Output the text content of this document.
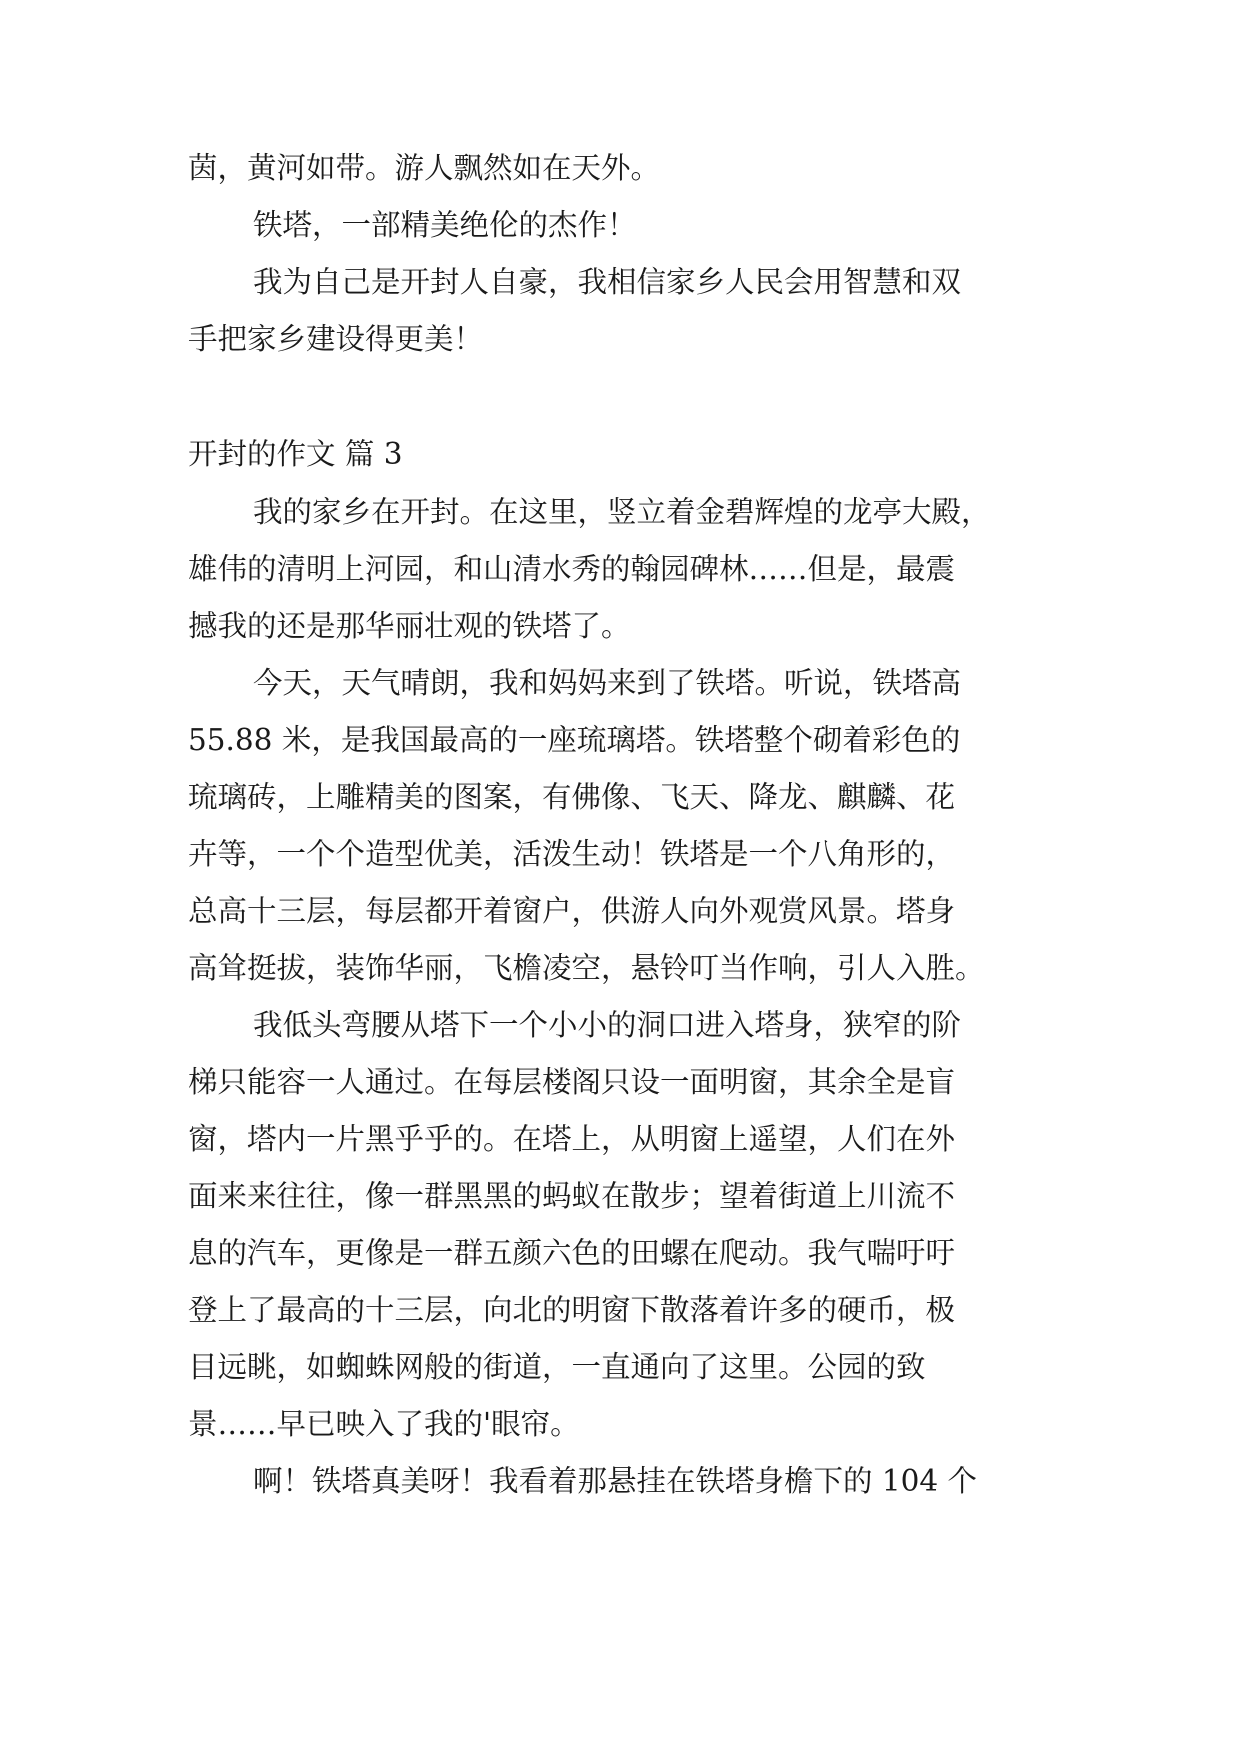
茵，黄河如带。游人飘然如在天外。
铁塔，一部精美绝伦的杰作！
我为自己是开封人自豪，我相信家乡人民会用智慧和双
手把家乡建设得更美！
开封的作文 篇 3
我的家乡在开封。在这里，竖立着金碧辉煌的龙亭大殿，
雄伟的清明上河园，和山清水秀的翰园碑林……但是，最震
撼我的还是那华丽壮观的铁塔了。
今天，天气晴朗，我和妈妈来到了铁塔。听说，铁塔高
55.88 米，是我国最高的一座琉璃塔。铁塔整个砌着彩色的
琉璃砖，上雕精美的图案，有佛像、飞天、降龙、麒麟、花
卉等，一个个造型优美，活泼生动！铁塔是一个八角形的，
总高十三层，每层都开着窗户，供游人向外观赏风景。塔身
高耸挺拔，装饰华丽，飞檐凌空，悬铃叮当作响，引人入胜。
我低头弯腰从塔下一个小小的洞口进入塔身，狭窄的阶
梯只能容一人通过。在每层楼阁只设一面明窗，其余全是盲
窗，塔内一片黑乎乎的。在塔上，从明窗上遥望，人们在外
面来来往往，像一群黑黑的蚂蚁在散步；望着街道上川流不
息的汽车，更像是一群五颜六色的田螺在爬动。我气喘吁吁
登上了最高的十三层，向北的明窗下散落着许多的硬币，极
目远眺，如蜘蛛网般的街道，一直通向了这里。公园的致
景……早已映入了我的'眼帘。
啊！铁塔真美呀！我看着那悬挂在铁塔身檐下的 104 个
